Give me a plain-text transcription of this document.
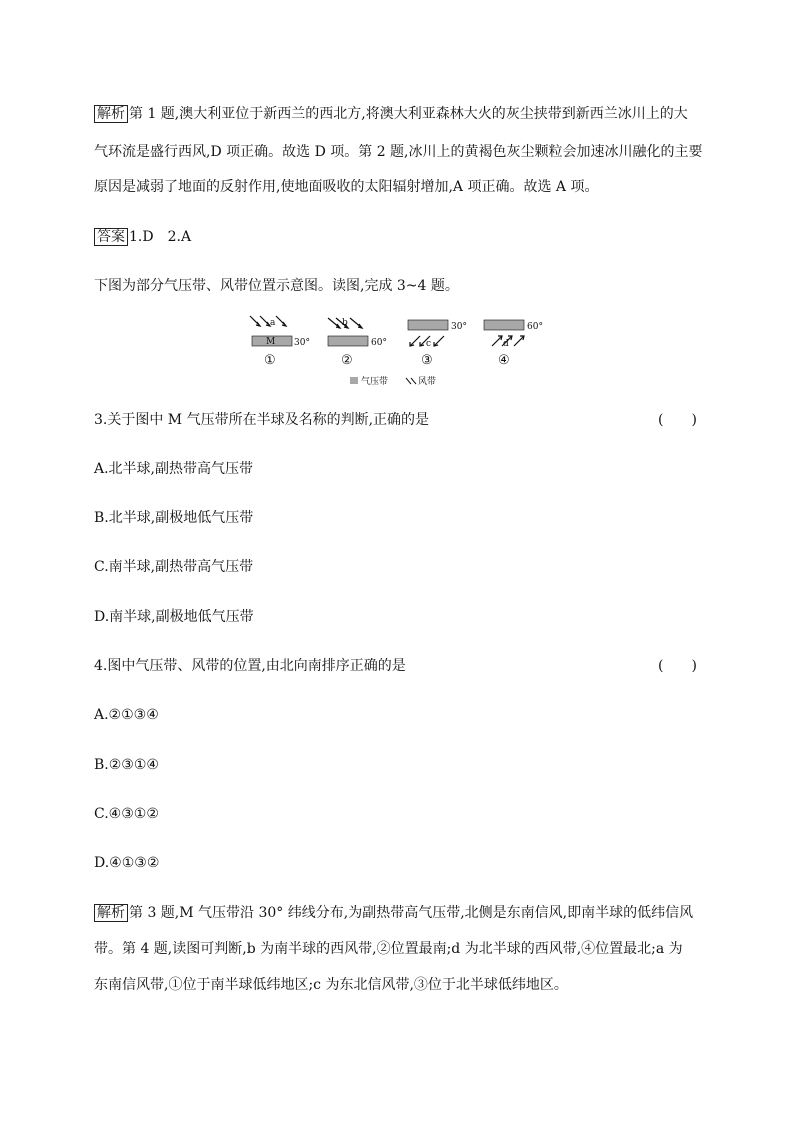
解析 第 1 题,澳大利亚位于新西兰的西北方,将澳大利亚森林大火的灰尘挟带到新西兰冰川上的大
气环流是盛行西风,D 项正确。故选 D 项。第 2 题,冰川上的黄褐色灰尘颗粒会加速冰川融化的主要
原因是减弱了地面的反射作用,使地面吸收的太阳辐射增加,A 项正确。故选 A 项。
答案 1.D　2.A
下图为部分气压带、风带位置示意图。读图,完成 3~4 题。
a
M 30°
①
b
60°
②
30°
c
③
60°
d
④
气压带	风带
3.关于图中 M 气压带所在半球及名称的判断,正确的是	(　　)
A.北半球,副热带高气压带
B.北半球,副极地低气压带
C.南半球,副热带高气压带
D.南半球,副极地低气压带
4.图中气压带、风带的位置,由北向南排序正确的是	(　　)
A.②①③④
B.②③①④
C.④③①②
D.④①③②
解析 第 3 题,M 气压带沿 30° 纬线分布,为副热带高气压带,北侧是东南信风,即南半球的低纬信风
带。第 4 题,读图可判断,b 为南半球的西风带,②位置最南;d 为北半球的西风带,④位置最北;a 为
东南信风带,①位于南半球低纬地区;c 为东北信风带,③位于北半球低纬地区。
